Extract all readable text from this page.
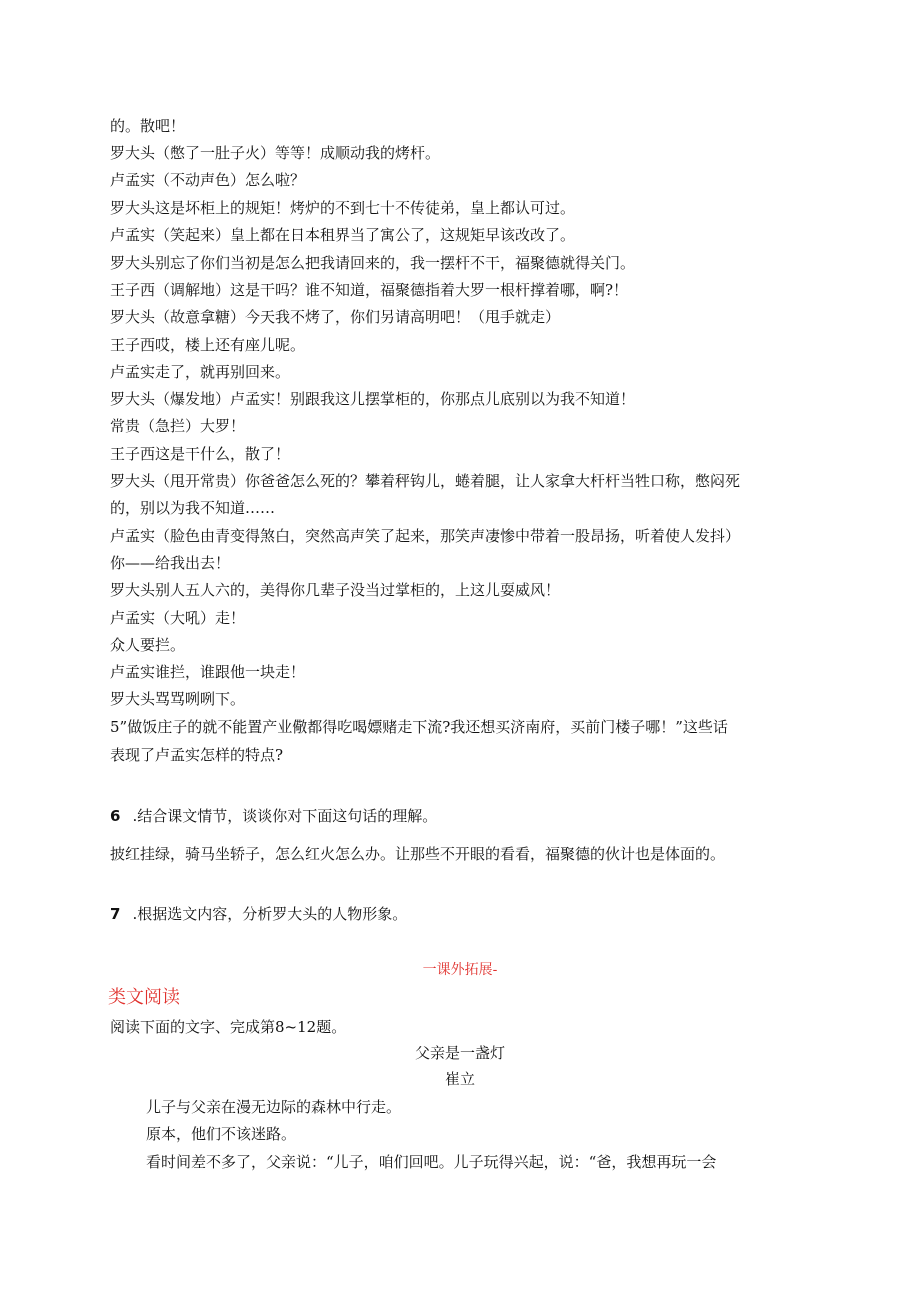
的。散吧！
罗大头（憋了一肚子火）等等！成顺动我的烤杆。
卢孟实（不动声色）怎么啦？
罗大头这是坏柜上的规矩！烤炉的不到七十不传徒弟，皇上都认可过。
卢孟实（笑起来）皇上都在日本租界当了寓公了，这规矩早该改改了。
罗大头别忘了你们当初是怎么把我请回来的，我一摆杆不干，福聚德就得关门。
王子西（调解地）这是干吗？谁不知道，福聚德指着大罗一根杆撑着哪，啊?！
罗大头（故意拿糖）今天我不烤了，你们另请高明吧！（甩手就走）
王子西哎，楼上还有座儿呢。
卢孟实走了，就再别回来。
罗大头（爆发地）卢孟实！别跟我这儿摆掌柜的，你那点儿底别以为我不知道！
常贵（急拦）大罗！
王子西这是干什么，散了！
罗大头（甩开常贵）你爸爸怎么死的？攀着秤钩儿，蜷着腿，让人家拿大杆杆当牲口称，憋闷死
的，别以为我不知道……
卢孟实（脸色由青变得煞白，突然高声笑了起来，那笑声凄惨中带着一股昂扬，听着使人发抖）
你——给我出去！
罗大头别人五人六的，美得你几辈子没当过掌柜的，上这儿耍威风！
卢孟实（大吼）走！
众人要拦。
卢孟实谁拦，谁跟他一块走！
罗大头骂骂咧咧下。
5”做饭庄子的就不能置产业儆都得吃喝嫖赌走下流?我还想买济南府，买前门楼子哪！”这些话
表现了卢孟实怎样的特点?
6 .结合课文情节，谈谈你对下面这句话的理解。
披红挂绿，骑马坐轿子，怎么红火怎么办。让那些不开眼的看看，福聚德的伙计也是体面的。
7 .根据选文内容，分析罗大头的人物形象。
一课外拓展-
类文阅读
阅读下面的文字、完成第8~12题。
父亲是一盏灯
崔立
儿子与父亲在漫无边际的森林中行走。
原本，他们不该迷路。
看时间差不多了，父亲说：“儿子，咱们回吧。儿子玩得兴起，说：“爸，我想再玩一会
